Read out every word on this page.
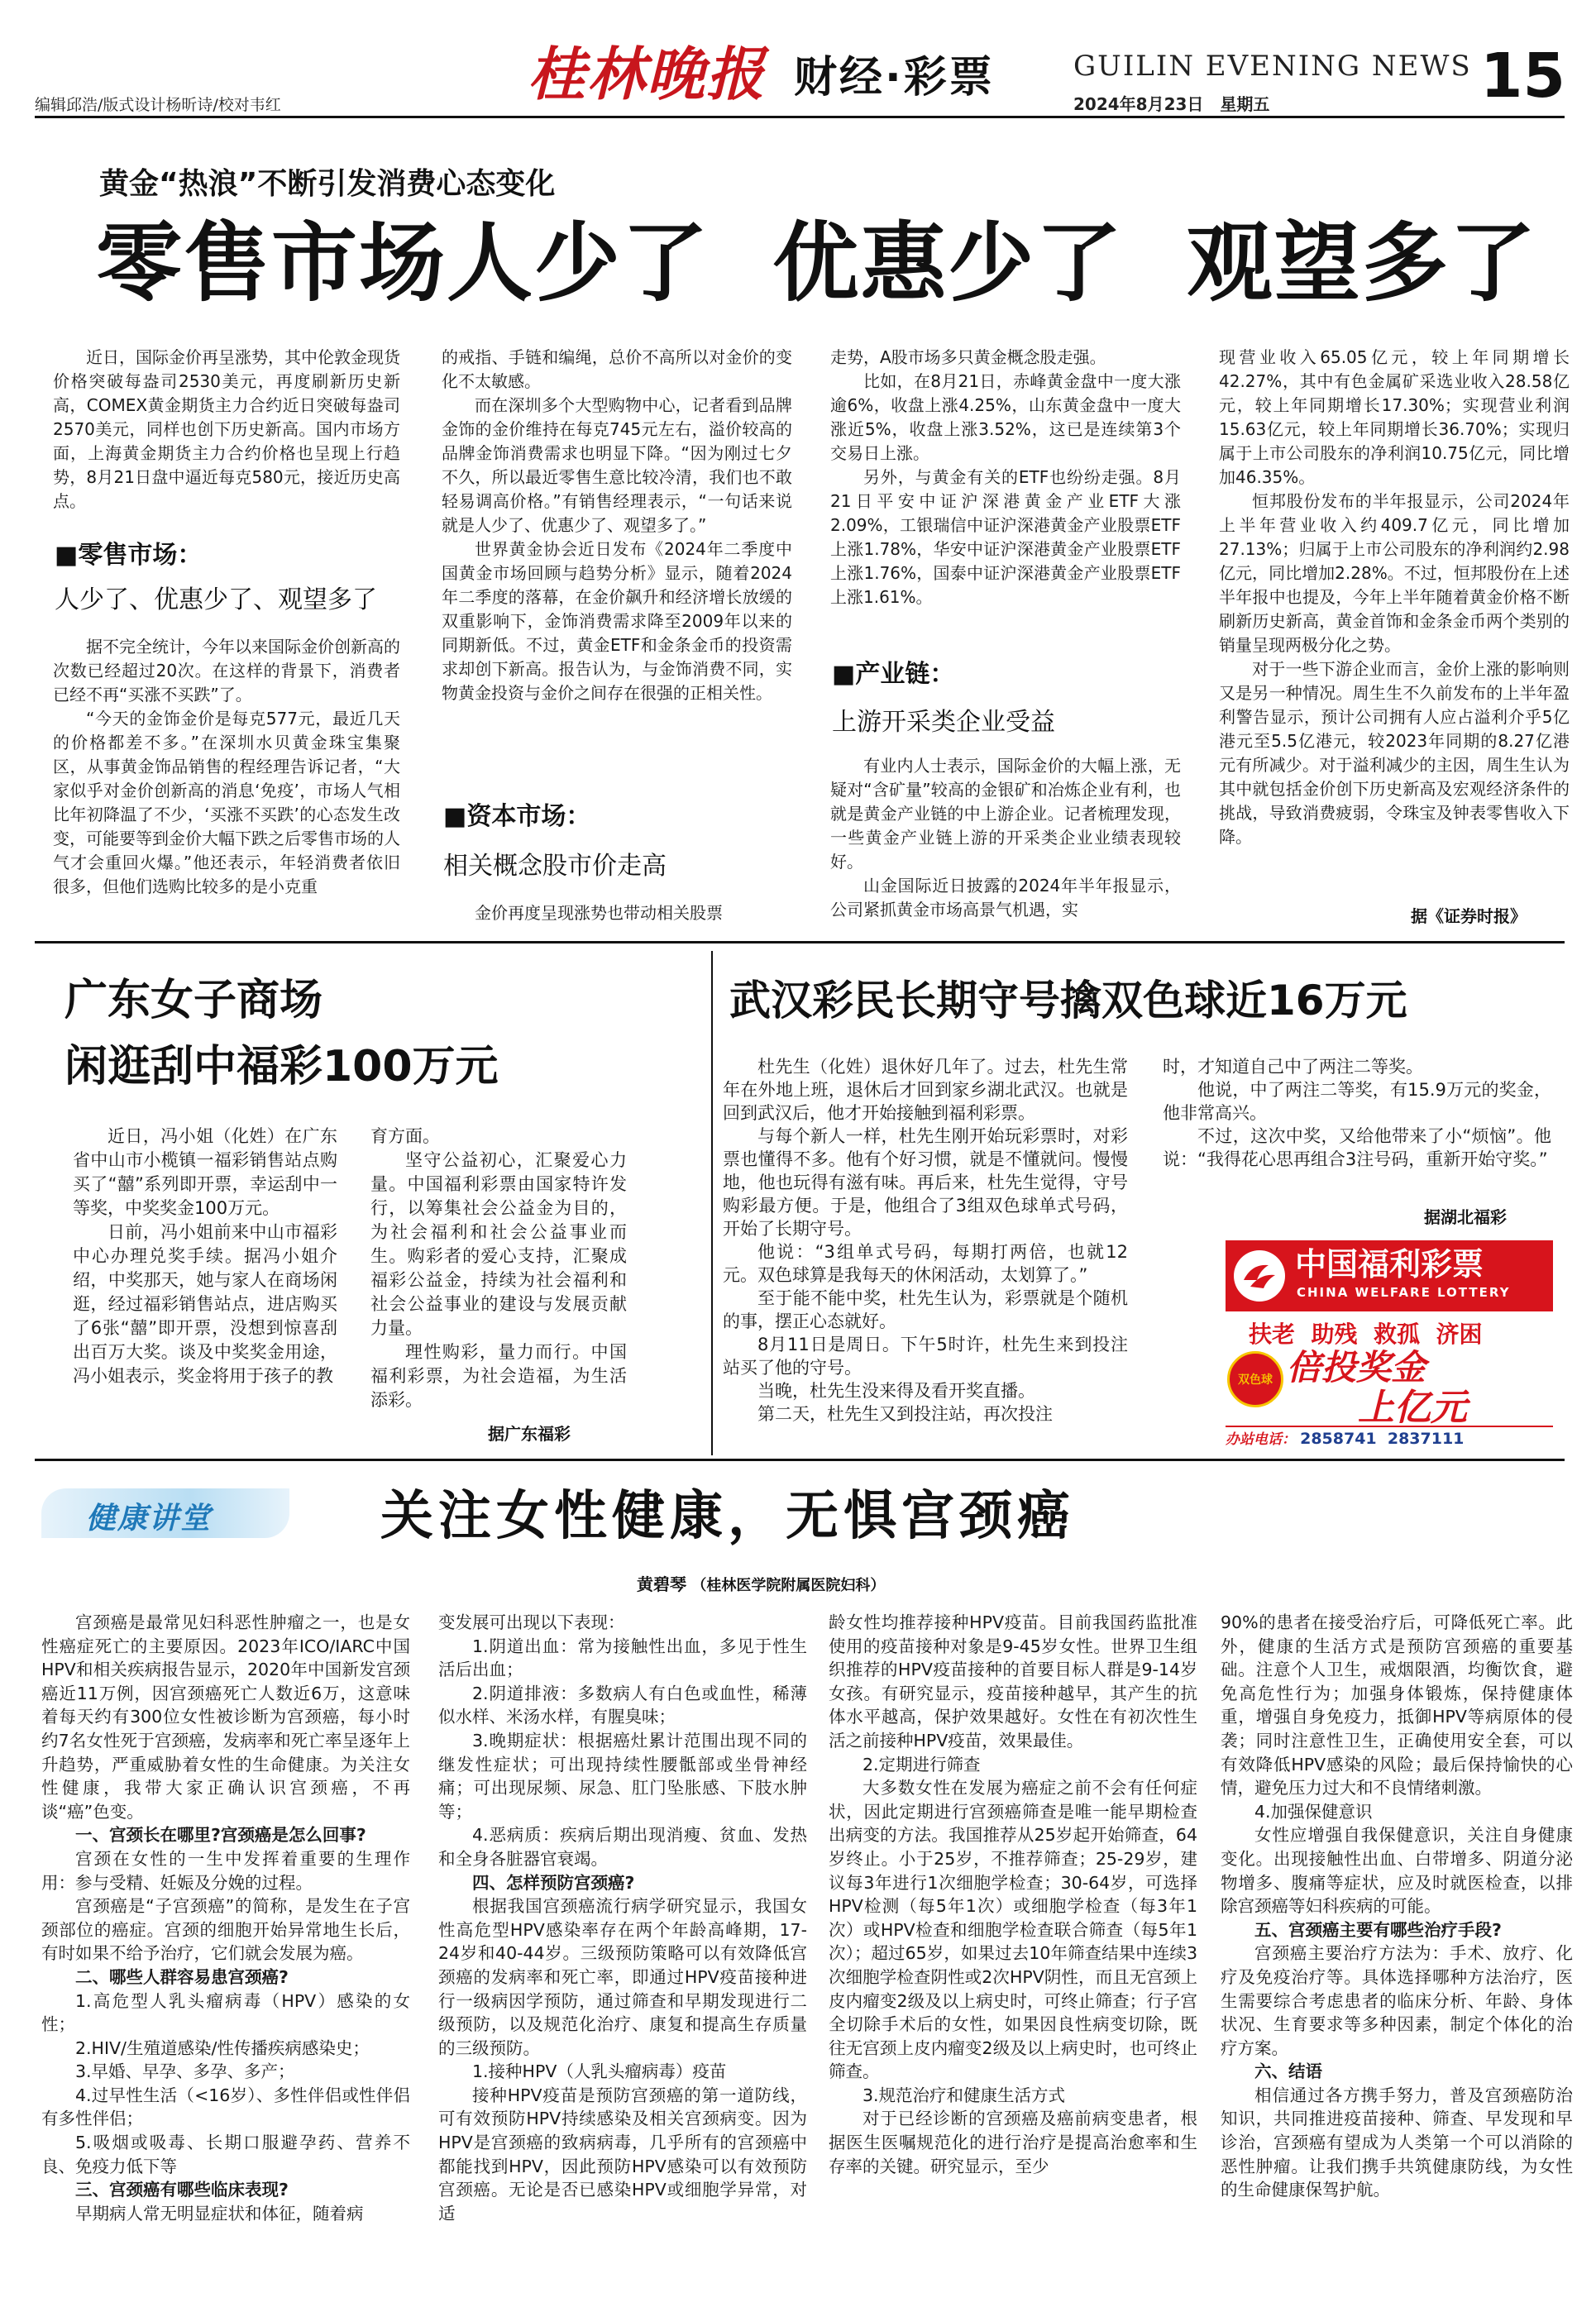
编辑邱浩/版式设计杨昕诗/校对韦红	桂林晚报 财经·彩票	GUILIN EVENING NEWS
2024年8月23日　星期五	15
黄金“热浪”不断引发消费心态变化
零售市场人少了  优惠少了  观望多了

近日，国际金价再呈涨势，其中伦敦金现货价格突破每盎司2530美元，再度刷新历史新高，COMEX黄金期货主力合约近日突破每盎司2570美元，同样也创下历史新高。国内市场方面，上海黄金期货主力合约价格也呈现上行趋势，8月21日盘中逼近每克580元，接近历史高点。

■零售市场：
人少了、优惠少了、观望多了

据不完全统计，今年以来国际金价创新高的次数已经超过20次。在这样的背景下，消费者已经不再“买涨不买跌”了。

“今天的金饰金价是每克577元，最近几天的价格都差不多。”在深圳水贝黄金珠宝集聚区，从事黄金饰品销售的程经理告诉记者，“大家似乎对金价创新高的消息‘免疫’，市场人气相比年初降温了不少，‘买涨不买跌’的心态发生改变，可能要等到金价大幅下跌之后零售市场的人气才会重回火爆。”他还表示，年轻消费者依旧很多，但他们选购比较多的是小克重

的戒指、手链和编绳，总价不高所以对金价的变化不太敏感。

而在深圳多个大型购物中心，记者看到品牌金饰的金价维持在每克745元左右，溢价较高的品牌金饰消费需求也明显下降。“因为刚过七夕不久，所以最近零售生意比较冷清，我们也不敢轻易调高价格。”有销售经理表示，“一句话来说就是人少了、优惠少了、观望多了。”

世界黄金协会近日发布《2024年二季度中国黄金市场回顾与趋势分析》显示，随着2024年二季度的落幕，在金价飙升和经济增长放缓的双重影响下，金饰消费需求降至2009年以来的同期新低。不过，黄金ETF和金条金币的投资需求却创下新高。报告认为，与金饰消费不同，实物黄金投资与金价之间存在很强的正相关性。

■资本市场：
相关概念股市价走高

金价再度呈现涨势也带动相关股票

走势，A股市场多只黄金概念股走强。

比如，在8月21日，赤峰黄金盘中一度大涨逾6%，收盘上涨4.25%，山东黄金盘中一度大涨近5%，收盘上涨3.52%，这已是连续第3个交易日上涨。

另外，与黄金有关的ETF也纷纷走强。8月21日平安中证沪深港黄金产业ETF大涨2.09%，工银瑞信中证沪深港黄金产业股票ETF上涨1.78%，华安中证沪深港黄金产业股票ETF上涨1.76%，国泰中证沪深港黄金产业股票ETF上涨1.61%。

■产业链：
上游开采类企业受益

有业内人士表示，国际金价的大幅上涨，无疑对“含矿量”较高的金银矿和冶炼企业有利，也就是黄金产业链的中上游企业。记者梳理发现，一些黄金产业链上游的开采类企业业绩表现较好。

山金国际近日披露的2024年半年报显示，公司紧抓黄金市场高景气机遇，实

现营业收入65.05亿元，较上年同期增长42.27%，其中有色金属矿采选业收入28.58亿元，较上年同期增长17.30%；实现营业利润15.63亿元，较上年同期增长36.70%；实现归属于上市公司股东的净利润10.75亿元，同比增加46.35%。

恒邦股份发布的半年报显示，公司2024年上半年营业收入约409.7亿元，同比增加27.13%；归属于上市公司股东的净利润约2.98亿元，同比增加2.28%。不过，恒邦股份在上述半年报中也提及，今年上半年随着黄金价格不断刷新历史新高，黄金首饰和金条金币两个类别的销量呈现两极分化之势。

对于一些下游企业而言，金价上涨的影响则又是另一种情况。周生生不久前发布的上半年盈利警告显示，预计公司拥有人应占溢利介乎5亿港元至5.5亿港元，较2023年同期的8.27亿港元有所减少。对于溢利减少的主因，周生生认为其中就包括金价创下历史新高及宏观经济条件的挑战，导致消费疲弱，令珠宝及钟表零售收入下降。

据《证券时报》
广东女子商场
闲逛刮中福彩100万元

近日，冯小姐（化姓）在广东省中山市小榄镇一福彩销售站点购买了“囍”系列即开票，幸运刮中一等奖，中奖奖金100万元。

日前，冯小姐前来中山市福彩中心办理兑奖手续。据冯小姐介绍，中奖那天，她与家人在商场闲逛，经过福彩销售站点，进店购买了6张“囍”即开票，没想到惊喜刮出百万大奖。谈及中奖奖金用途，冯小姐表示，奖金将用于孩子的教

育方面。

坚守公益初心，汇聚爱心力量。中国福利彩票由国家特许发行，以筹集社会公益金为目的，为社会福利和社会公益事业而生。购彩者的爱心支持，汇聚成福彩公益金，持续为社会福利和社会公益事业的建设与发展贡献力量。

理性购彩，量力而行。中国福利彩票，为社会造福，为生活添彩。

据广东福彩
武汉彩民长期守号擒双色球近16万元

杜先生（化姓）退休好几年了。过去，杜先生常年在外地上班，退休后才回到家乡湖北武汉。也就是回到武汉后，他才开始接触到福利彩票。

与每个新人一样，杜先生刚开始玩彩票时，对彩票也懂得不多。他有个好习惯，就是不懂就问。慢慢地，他也玩得有滋有味。再后来，杜先生觉得，守号购彩最方便。于是，他组合了3组双色球单式号码，开始了长期守号。

他说：“3组单式号码，每期打两倍，也就12元。双色球算是我每天的休闲活动，太划算了。”

至于能不能中奖，杜先生认为，彩票就是个随机的事，摆正心态就好。

8月11日是周日。下午5时许，杜先生来到投注站买了他的守号。

当晚，杜先生没来得及看开奖直播。

第二天，杜先生又到投注站，再次投注

时，才知道自己中了两注二等奖。

他说，中了两注二等奖，有15.9万元的奖金，他非常高兴。

不过，这次中奖，又给他带来了小“烦恼”。他说：“我得花心思再组合3注号码，重新开始守奖。”

据湖北福彩
中国福利彩票
CHINA WELFARE LOTTERY
扶老  助残  救孤  济困
双色球 倍投奖金
上亿元
办站电话： 2858741  2837111
健康讲堂	关注女性健康，无惧宫颈癌
黄碧琴 （桂林医学院附属医院妇科）

宫颈癌是最常见妇科恶性肿瘤之一，也是女性癌症死亡的主要原因。2023年ICO/IARC中国HPV和相关疾病报告显示，2020年中国新发宫颈癌近11万例，因宫颈癌死亡人数近6万，这意味着每天约有300位女性被诊断为宫颈癌，每小时约7名女性死于宫颈癌，发病率和死亡率呈逐年上升趋势，严重威胁着女性的生命健康。为关注女性健康，我带大家正确认识宫颈癌，不再谈“癌”色变。

一、宫颈长在哪里?宫颈癌是怎么回事?

宫颈在女性的一生中发挥着重要的生理作用：参与受精、妊娠及分娩的过程。

宫颈癌是“子宫颈癌”的简称，是发生在子宫颈部位的癌症。宫颈的细胞开始异常地生长后，有时如果不给予治疗，它们就会发展为癌。

二、哪些人群容易患宫颈癌?

1.高危型人乳头瘤病毒（HPV）感染的女性；

2.HIV/生殖道感染/性传播疾病感染史；

3.早婚、早孕、多孕、多产；

4.过早性生活（<16岁）、多性伴侣或性伴侣有多性伴侣；

5.吸烟或吸毒、长期口服避孕药、营养不良、免疫力低下等

三、宫颈癌有哪些临床表现?

早期病人常无明显症状和体征，随着病

变发展可出现以下表现：

1.阴道出血：常为接触性出血，多见于性生活后出血；

2.阴道排液：多数病人有白色或血性，稀薄似水样、米汤水样，有腥臭味；

3.晚期症状：根据癌灶累计范围出现不同的继发性症状；可出现持续性腰骶部或坐骨神经痛；可出现尿频、尿急、肛门坠胀感、下肢水肿等；

4.恶病质：疾病后期出现消瘦、贫血、发热和全身各脏器官衰竭。

四、怎样预防宫颈癌?

根据我国宫颈癌流行病学研究显示，我国女性高危型HPV感染率存在两个年龄高峰期，17-24岁和40-44岁。三级预防策略可以有效降低宫颈癌的发病率和死亡率，即通过HPV疫苗接种进行一级病因学预防，通过筛查和早期发现进行二级预防，以及规范化治疗、康复和提高生存质量的三级预防。

1.接种HPV（人乳头瘤病毒）疫苗

接种HPV疫苗是预防宫颈癌的第一道防线，可有效预防HPV持续感染及相关宫颈病变。因为HPV是宫颈癌的致病病毒，几乎所有的宫颈癌中都能找到HPV，因此预防HPV感染可以有效预防宫颈癌。无论是否已感染HPV或细胞学异常，对适

龄女性均推荐接种HPV疫苗。目前我国药监批准使用的疫苗接种对象是9-45岁女性。世界卫生组织推荐的HPV疫苗接种的首要目标人群是9-14岁女孩。有研究显示，疫苗接种越早，其产生的抗体水平越高，保护效果越好。女性在有初次性生活之前接种HPV疫苗，效果最佳。

2.定期进行筛查

大多数女性在发展为癌症之前不会有任何症状，因此定期进行宫颈癌筛查是唯一能早期检查出病变的方法。我国推荐从25岁起开始筛查，64岁终止。小于25岁，不推荐筛查；25-29岁，建议每3年进行1次细胞学检查；30-64岁，可选择HPV检测（每5年1次）或细胞学检查（每3年1次）或HPV检查和细胞学检查联合筛查（每5年1次）；超过65岁，如果过去10年筛查结果中连续3次细胞学检查阴性或2次HPV阴性，而且无宫颈上皮内瘤变2级及以上病史时，可终止筛查；行子宫全切除手术后的女性，如果因良性病变切除，既往无宫颈上皮内瘤变2级及以上病史时，也可终止筛查。

3.规范治疗和健康生活方式

对于已经诊断的宫颈癌及癌前病变患者，根据医生医嘱规范化的进行治疗是提高治愈率和生存率的关键。研究显示，至少

90%的患者在接受治疗后，可降低死亡率。此外，健康的生活方式是预防宫颈癌的重要基础。注意个人卫生，戒烟限酒，均衡饮食，避免高危性行为；加强身体锻炼，保持健康体重，增强自身免疫力，抵御HPV等病原体的侵袭；同时注意性卫生，正确使用安全套，可以有效降低HPV感染的风险；最后保持愉快的心情，避免压力过大和不良情绪刺激。

4.加强保健意识

女性应增强自我保健意识，关注自身健康变化。出现接触性出血、白带增多、阴道分泌物增多、腹痛等症状，应及时就医检查，以排除宫颈癌等妇科疾病的可能。

五、宫颈癌主要有哪些治疗手段?

宫颈癌主要治疗方法为：手术、放疗、化疗及免疫治疗等。具体选择哪种方法治疗，医生需要综合考虑患者的临床分析、年龄、身体状况、生育要求等多种因素，制定个体化的治疗方案。

六、结语

相信通过各方携手努力，普及宫颈癌防治知识，共同推进疫苗接种、筛查、早发现和早诊治，宫颈癌有望成为人类第一个可以消除的恶性肿瘤。让我们携手共筑健康防线，为女性的生命健康保驾护航。
